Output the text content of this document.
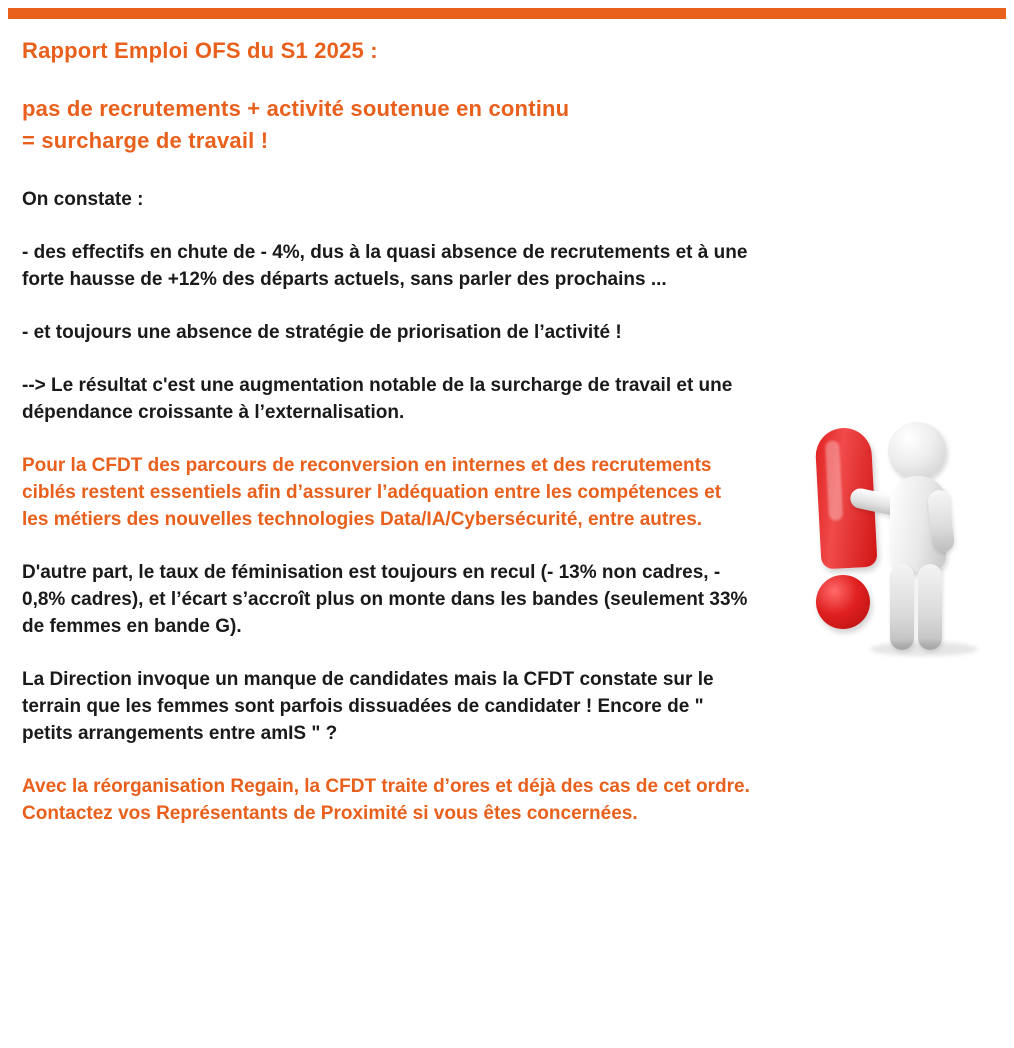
Rapport Emploi OFS du S1 2025 :
pas de recrutements + activité soutenue en continu
= surcharge de travail !
On constate :
- des effectifs en chute de - 4%, dus à la quasi absence de recrutements et à une forte hausse de +12% des départs actuels, sans parler des prochains ...
- et toujours une absence de stratégie de priorisation de l’activité !
--> Le résultat c'est une augmentation notable de la surcharge de travail et une dépendance croissante à l’externalisation.
Pour la CFDT des parcours de reconversion en internes et des recrutements ciblés restent essentiels afin d’assurer l’adéquation entre les compétences et les métiers des nouvelles technologies Data/IA/Cybersécurité, entre autres.
D'autre part, le taux de féminisation est toujours en recul (- 13% non cadres, - 0,8% cadres), et l’écart s’accroît plus on monte dans les bandes (seulement 33% de femmes en bande G).
La Direction invoque un manque de candidates mais la CFDT constate sur le terrain que les femmes sont parfois dissuadées de candidater ! Encore de " petits arrangements entre amIS " ?
Avec la réorganisation Regain, la CFDT traite d’ores et déjà des cas de cet ordre. Contactez vos Représentants de Proximité si vous êtes concernées.
